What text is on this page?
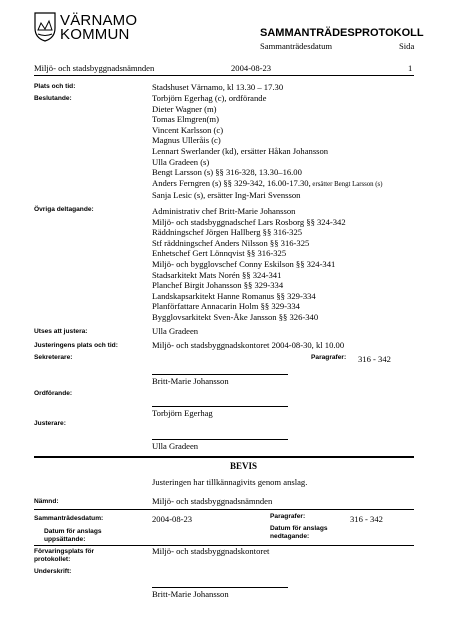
VÄRNAMO
KOMMUN	SAMMANTRÄDESPROTOKOLL
Sammanträdesdatum	Sida
Miljö- och stadsbyggnadsnämnden	2004-08-23	1
Plats och tid:	Stadshuset Värnamo, kl 13.30 – 17.30
Beslutande:	Torbjörn Egerhag (c), ordförande
Dieter Wagner (m)
Tomas Elmgren(m)
Vincent Karlsson (c)
Magnus Ulleråis (c)
Lennart Swerlander (kd), ersätter Håkan Johansson
Ulla Gradeen (s)
Bengt Larsson (s) §§ 316-328, 13.30–16.00
Anders Ferngren (s) §§ 329-342, 16.00-17.30, ersätter Bengt Larsson (s)
Sanja Lesic (s), ersätter Ing-Mari Svensson
Övriga deltagande:	Administrativ chef Britt-Marie Johansson
Miljö- och stadsbyggnadschef Lars Rosborg §§ 324-342
Räddningschef Jörgen Hallberg §§ 316-325
Stf räddningschef Anders Nilsson §§ 316-325
Enhetschef Gert Lönnqvist §§ 316-325
Miljö- och bygglovschef Conny Eskilson §§ 324-341
Stadsarkitekt Mats Norén §§ 324-341
Planchef Birgit Johansson §§ 329-334
Landskapsarkitekt Hanne Romanus §§ 329-334
Planförfattare Annacarin Holm §§ 329-334
Bygglovsarkitekt Sven-Åke Jansson §§ 326-340
Utses att justera:	Ulla Gradeen
Justeringens plats och tid:	Miljö- och stadsbyggnadskontoret 2004-08-30, kl 10.00
Sekreterare:	Paragrafer: 316 - 342
Britt-Marie Johansson
Ordförande:
Torbjörn Egerhag
Justerare:
Ulla Gradeen
BEVIS
Justeringen har tillkännagivits genom anslag.
Nämnd:	Miljö- och stadsbyggnadsnämnden
Sammanträdesdatum:	2004-08-23	Paragrafer:	316 - 342
Datum för anslags
uppsättande:
Datum för anslags
nedtagande:
Förvaringsplats för
protokollet:
Miljö- och stadsbyggnadskontoret
Underskrift:
Britt-Marie Johansson
